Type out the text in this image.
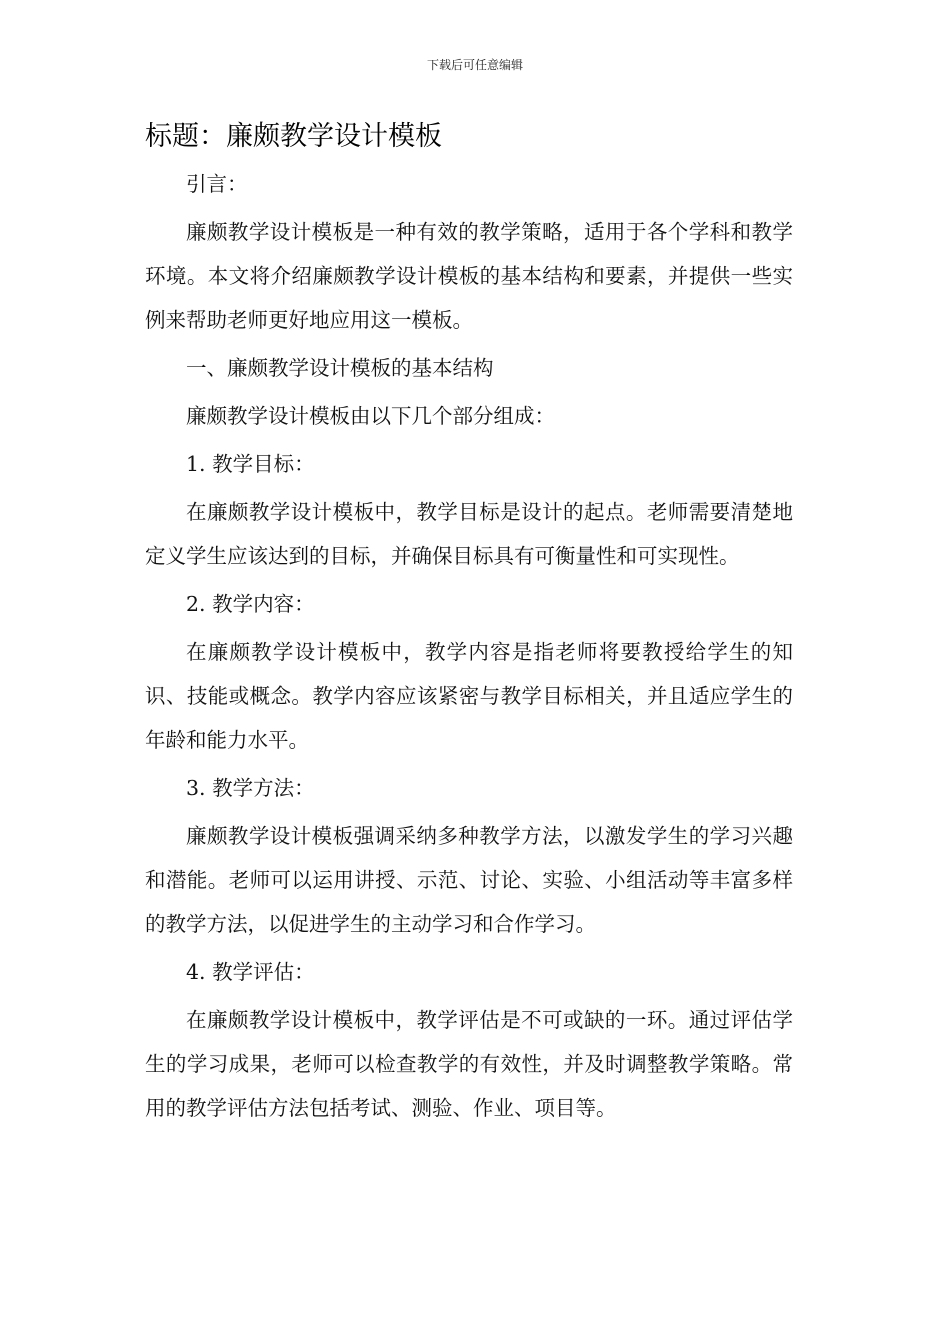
下载后可任意编辑
标题：廉颇教学设计模板

引言：

廉颇教学设计模板是一种有效的教学策略，适用于各个学科和教学环境。本文将介绍廉颇教学设计模板的基本结构和要素，并提供一些实例来帮助老师更好地应用这一模板。

一、廉颇教学设计模板的基本结构

廉颇教学设计模板由以下几个部分组成：

1. 教学目标：

在廉颇教学设计模板中，教学目标是设计的起点。老师需要清楚地定义学生应该达到的目标，并确保目标具有可衡量性和可实现性。

2. 教学内容：

在廉颇教学设计模板中，教学内容是指老师将要教授给学生的知识、技能或概念。教学内容应该紧密与教学目标相关，并且适应学生的年龄和能力水平。

3. 教学方法：

廉颇教学设计模板强调采纳多种教学方法，以激发学生的学习兴趣和潜能。老师可以运用讲授、示范、讨论、实验、小组活动等丰富多样的教学方法，以促进学生的主动学习和合作学习。

4. 教学评估：

在廉颇教学设计模板中，教学评估是不可或缺的一环。通过评估学生的学习成果，老师可以检查教学的有效性，并及时调整教学策略。常用的教学评估方法包括考试、测验、作业、项目等。
